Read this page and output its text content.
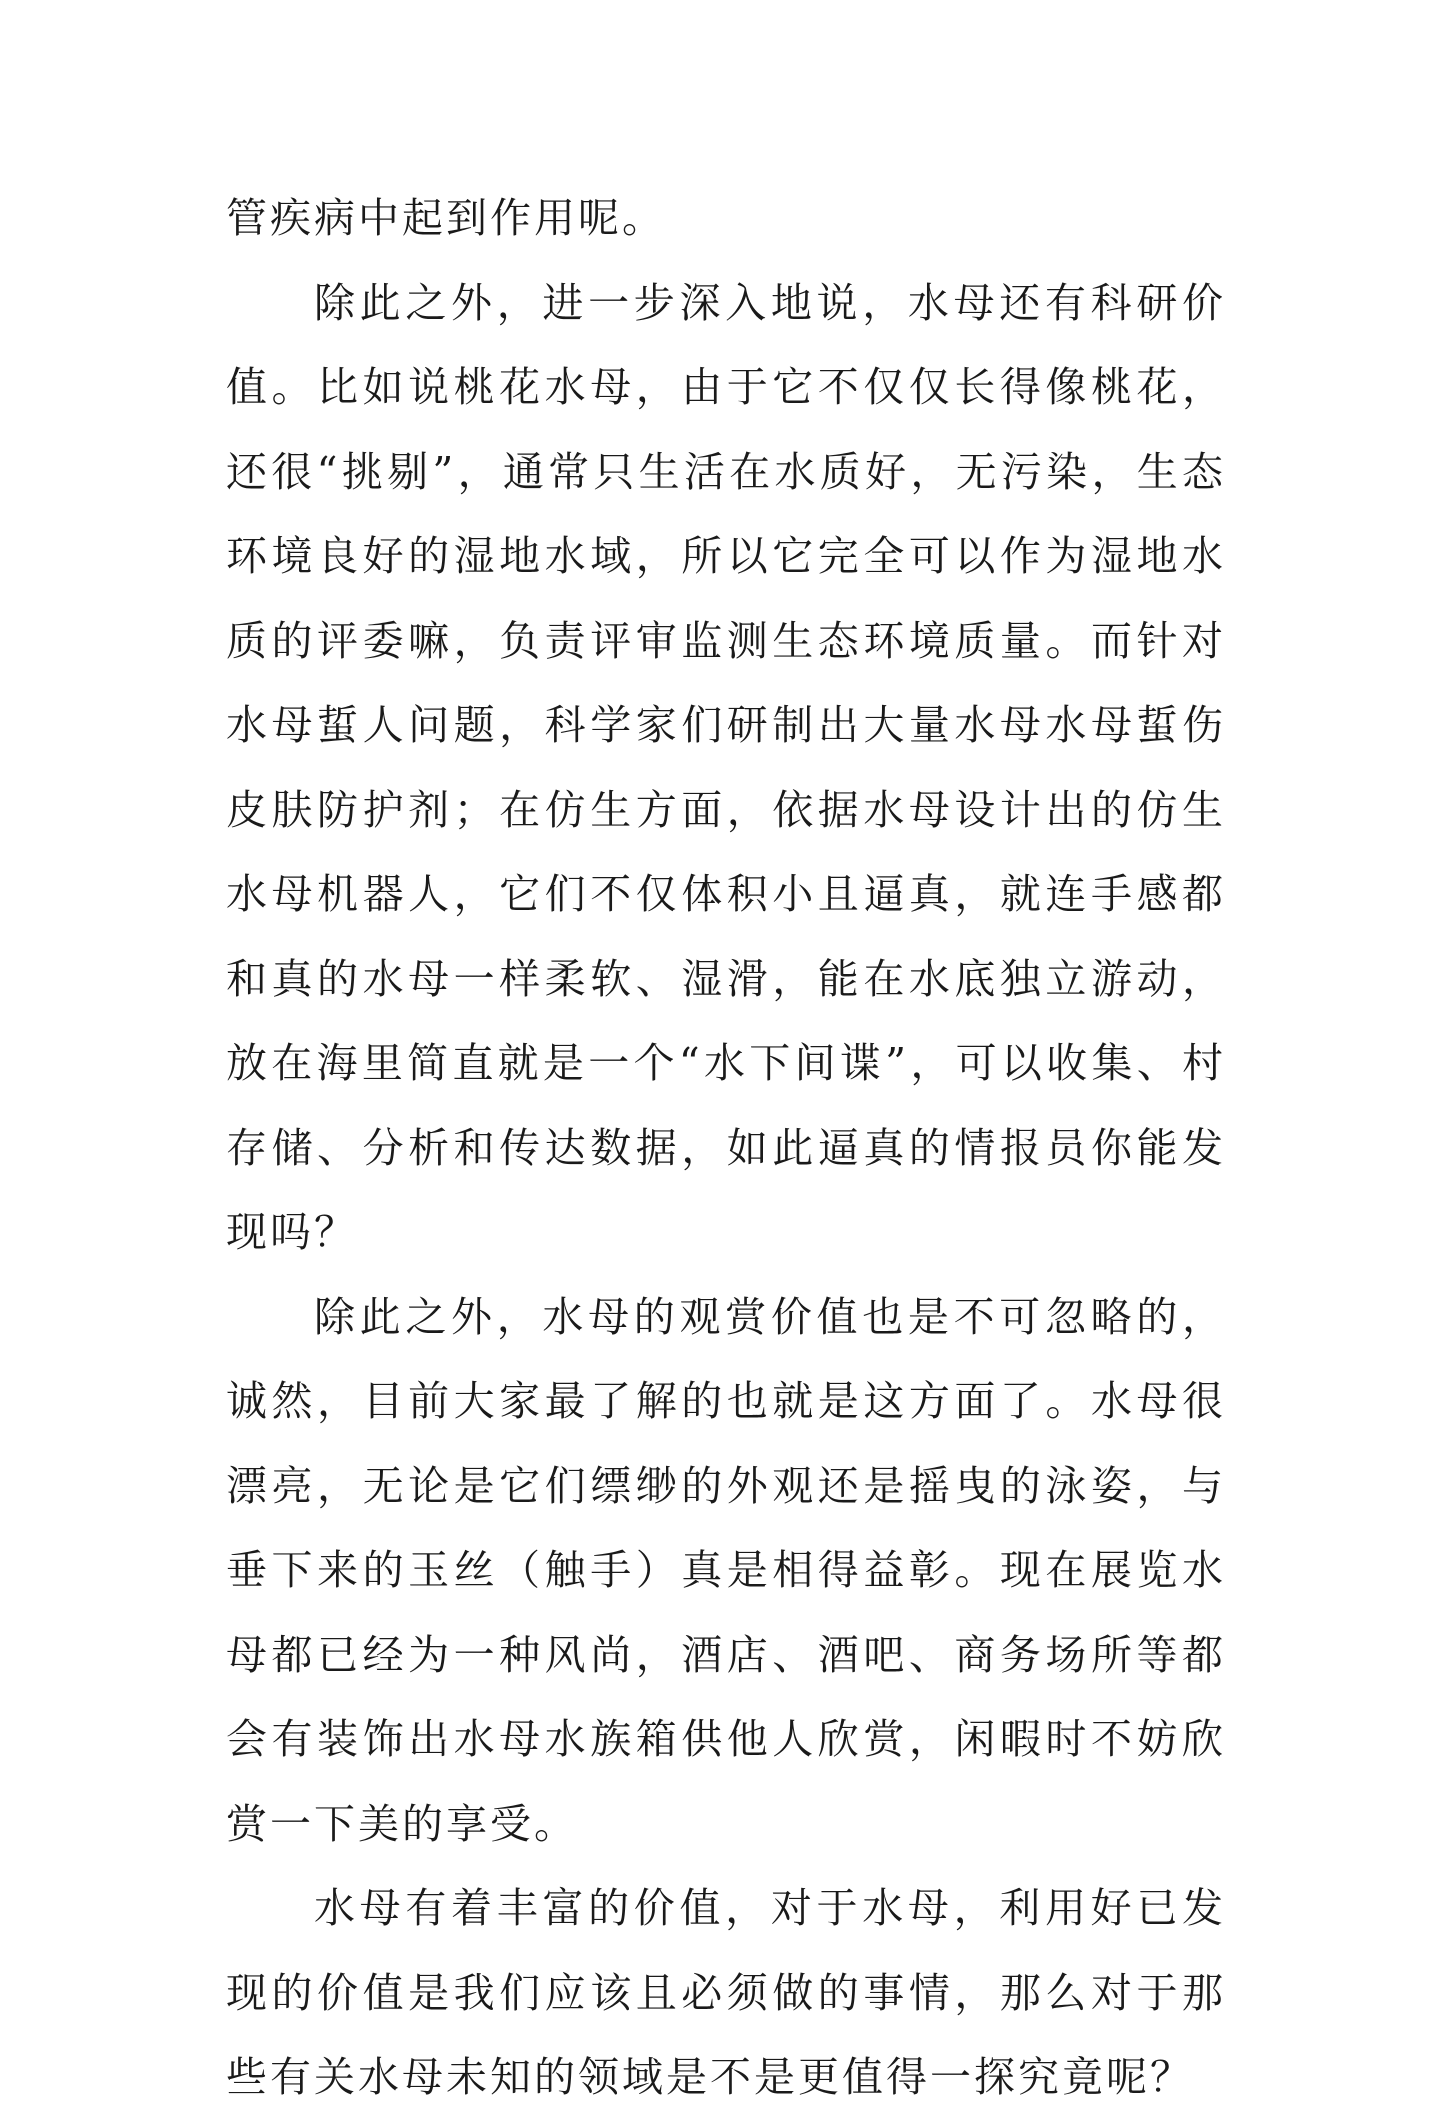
管疾病中起到作用呢。

除此之外，进一步深入地说，水母还有科研价值。比如说桃花水母，由于它不仅仅长得像桃花，还很“挑剔”，通常只生活在水质好，无污染，生态环境良好的湿地水域，所以它完全可以作为湿地水质的评委嘛，负责评审监测生态环境质量。而针对水母蜇人问题，科学家们研制出大量水母水母蜇伤皮肤防护剂；在仿生方面，依据水母设计出的仿生水母机器人，它们不仅体积小且逼真，就连手感都和真的水母一样柔软、湿滑，能在水底独立游动，放在海里简直就是一个“水下间谍”，可以收集、村存储、分析和传达数据，如此逼真的情报员你能发现吗？

除此之外，水母的观赏价值也是不可忽略的，诚然，目前大家最了解的也就是这方面了。水母很漂亮，无论是它们缥缈的外观还是摇曳的泳姿，与垂下来的玉丝（触手）真是相得益彰。现在展览水母都已经为一种风尚，酒店、酒吧、商务场所等都会有装饰出水母水族箱供他人欣赏，闲暇时不妨欣赏一下美的享受。

水母有着丰富的价值，对于水母，利用好已发现的价值是我们应该且必须做的事情，那么对于那些有关水母未知的领域是不是更值得一探究竟呢？
